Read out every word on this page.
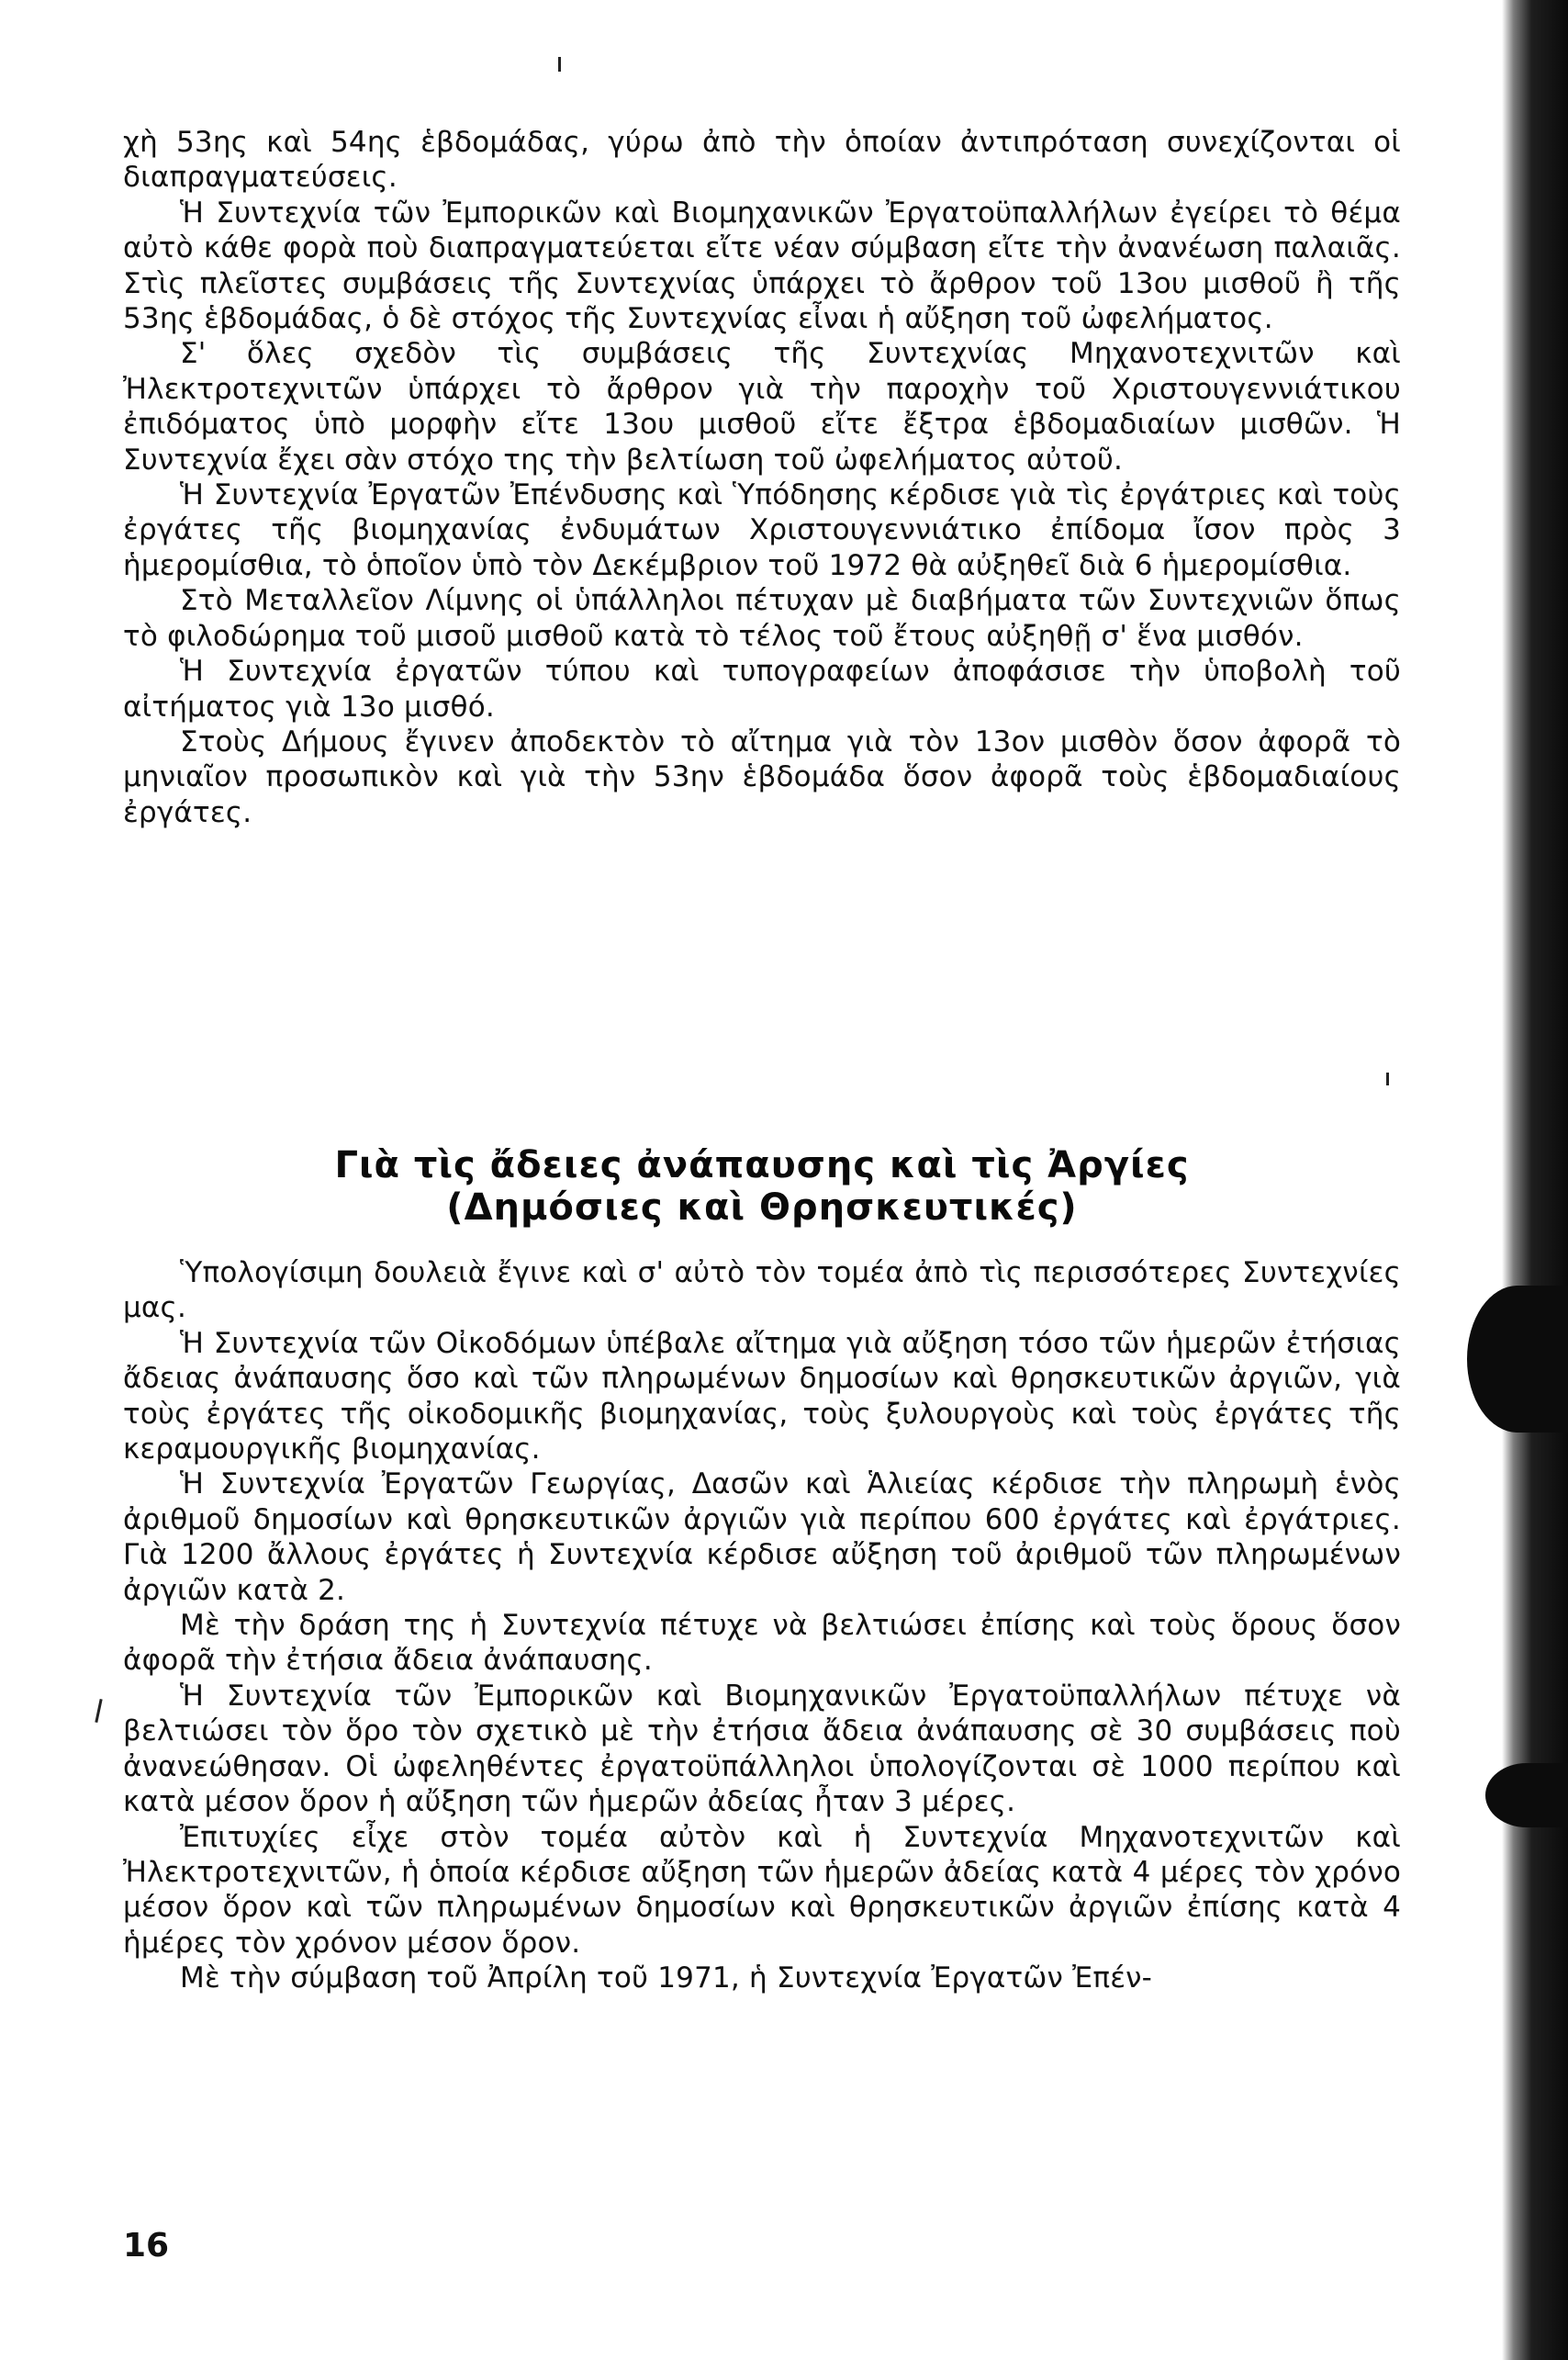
χὴ 53ης καὶ 54ης ἑβδομάδας, γύρω ἀπὸ τὴν ὁποίαν ἀντιπρόταση συνεχίζονται οἱ διαπραγματεύσεις.

Ἡ Συντεχνία τῶν Ἐμπορικῶν καὶ Βιομηχανικῶν Ἐργατοϋπαλλήλων ἐγείρει τὸ θέμα αὐτὸ κάθε φορὰ ποὺ διαπραγματεύεται εἴτε νέαν σύμβαση εἴτε τὴν ἀνανέωση παλαιᾶς. Στὶς πλεῖστες συμβάσεις τῆς Συντεχνίας ὑπάρχει τὸ ἄρθρον τοῦ 13ου μισθοῦ ἢ τῆς 53ης ἑβδομάδας, ὁ δὲ στόχος τῆς Συντεχνίας εἶναι ἡ αὔξηση τοῦ ὠφελήματος.

Σ' ὅλες σχεδὸν τὶς συμβάσεις τῆς Συντεχνίας Μηχανοτεχνιτῶν καὶ Ἠλεκτροτεχνιτῶν ὑπάρχει τὸ ἄρθρον γιὰ τὴν παροχὴν τοῦ Χριστουγεννιάτικου ἐπιδόματος ὑπὸ μορφὴν εἴτε 13ου μισθοῦ εἴτε ἔξτρα ἑβδομαδιαίων μισθῶν. Ἡ Συντεχνία ἔχει σὰν στόχο της τὴν βελτίωση τοῦ ὠφελήματος αὐτοῦ.

Ἡ Συντεχνία Ἐργατῶν Ἐπένδυσης καὶ Ὑπόδησης κέρδισε γιὰ τὶς ἐργάτριες καὶ τοὺς ἐργάτες τῆς βιομηχανίας ἐνδυμάτων Χριστουγεννιάτικο ἐπίδομα ἴσον πρὸς 3 ἡμερομίσθια, τὸ ὁποῖον ὑπὸ τὸν Δεκέμβριον τοῦ 1972 θὰ αὐξηθεῖ διὰ 6 ἡμερομίσθια.

Στὸ Μεταλλεῖον Λίμνης οἱ ὑπάλληλοι πέτυχαν μὲ διαβήματα τῶν Συντεχνιῶν ὅπως τὸ φιλοδώρημα τοῦ μισοῦ μισθοῦ κατὰ τὸ τέλος τοῦ ἔτους αὐξηθῇ σ' ἕνα μισθόν.

Ἡ Συντεχνία ἐργατῶν τύπου καὶ τυπογραφείων ἀποφάσισε τὴν ὑποβολὴ τοῦ αἰτήματος γιὰ 13ο μισθό.

Στοὺς Δήμους ἔγινεν ἀποδεκτὸν τὸ αἴτημα γιὰ τὸν 13ον μισθὸν ὅσον ἀφορᾶ τὸ μηνιαῖον προσωπικὸν καὶ γιὰ τὴν 53ην ἑβδομάδα ὅσον ἀφορᾶ τοὺς ἑβδομαδιαίους ἐργάτες.

Γιὰ τὶς ἄδειες ἀνάπαυσης καὶ τὶς Ἀργίες
(Δημόσιες καὶ Θρησκευτικές)

Ὑπολογίσιμη δουλειὰ ἔγινε καὶ σ' αὐτὸ τὸν τομέα ἀπὸ τὶς περισσότερες Συντεχνίες μας.

Ἡ Συντεχνία τῶν Οἰκοδόμων ὑπέβαλε αἴτημα γιὰ αὔξηση τόσο τῶν ἡμερῶν ἐτήσιας ἄδειας ἀνάπαυσης ὅσο καὶ τῶν πληρωμένων δημοσίων καὶ θρησκευτικῶν ἀργιῶν, γιὰ τοὺς ἐργάτες τῆς οἰκοδομικῆς βιομηχανίας, τοὺς ξυλουργοὺς καὶ τοὺς ἐργάτες τῆς κεραμουργικῆς βιομηχανίας.

Ἡ Συντεχνία Ἐργατῶν Γεωργίας, Δασῶν καὶ Ἁλιείας κέρδισε τὴν πληρωμὴ ἑνὸς ἀριθμοῦ δημοσίων καὶ θρησκευτικῶν ἀργιῶν γιὰ περίπου 600 ἐργάτες καὶ ἐργάτριες. Γιὰ 1200 ἄλλους ἐργάτες ἡ Συντεχνία κέρδισε αὔξηση τοῦ ἀριθμοῦ τῶν πληρωμένων ἀργιῶν κατὰ 2.

Μὲ τὴν δράση της ἡ Συντεχνία πέτυχε νὰ βελτιώσει ἐπίσης καὶ τοὺς ὅρους ὅσον ἀφορᾶ τὴν ἐτήσια ἄδεια ἀνάπαυσης.

Ἡ Συντεχνία τῶν Ἐμπορικῶν καὶ Βιομηχανικῶν Ἐργατοϋπαλλήλων πέτυχε νὰ βελτιώσει τὸν ὅρο τὸν σχετικὸ μὲ τὴν ἐτήσια ἄδεια ἀνάπαυσης σὲ 30 συμβάσεις ποὺ ἀνανεώθησαν. Οἱ ὠφεληθέντες ἐργατοϋπάλληλοι ὑπολογίζονται σὲ 1000 περίπου καὶ κατὰ μέσον ὅρον ἡ αὔξηση τῶν ἡμερῶν ἀδείας ἦταν 3 μέρες.

Ἐπιτυχίες εἶχε στὸν τομέα αὐτὸν καὶ ἡ Συντεχνία Μηχανοτεχνιτῶν καὶ Ἠλεκτροτεχνιτῶν, ἡ ὁποία κέρδισε αὔξηση τῶν ἡμερῶν ἀδείας κατὰ 4 μέρες τὸν χρόνο μέσον ὅρον καὶ τῶν πληρωμένων δημοσίων καὶ θρησκευτικῶν ἀργιῶν ἐπίσης κατὰ 4 ἡμέρες τὸν χρόνον μέσον ὅρον.

Μὲ τὴν σύμβαση τοῦ Ἀπρίλη τοῦ 1971, ἡ Συντεχνία Ἐργατῶν Ἐπέν-

16
